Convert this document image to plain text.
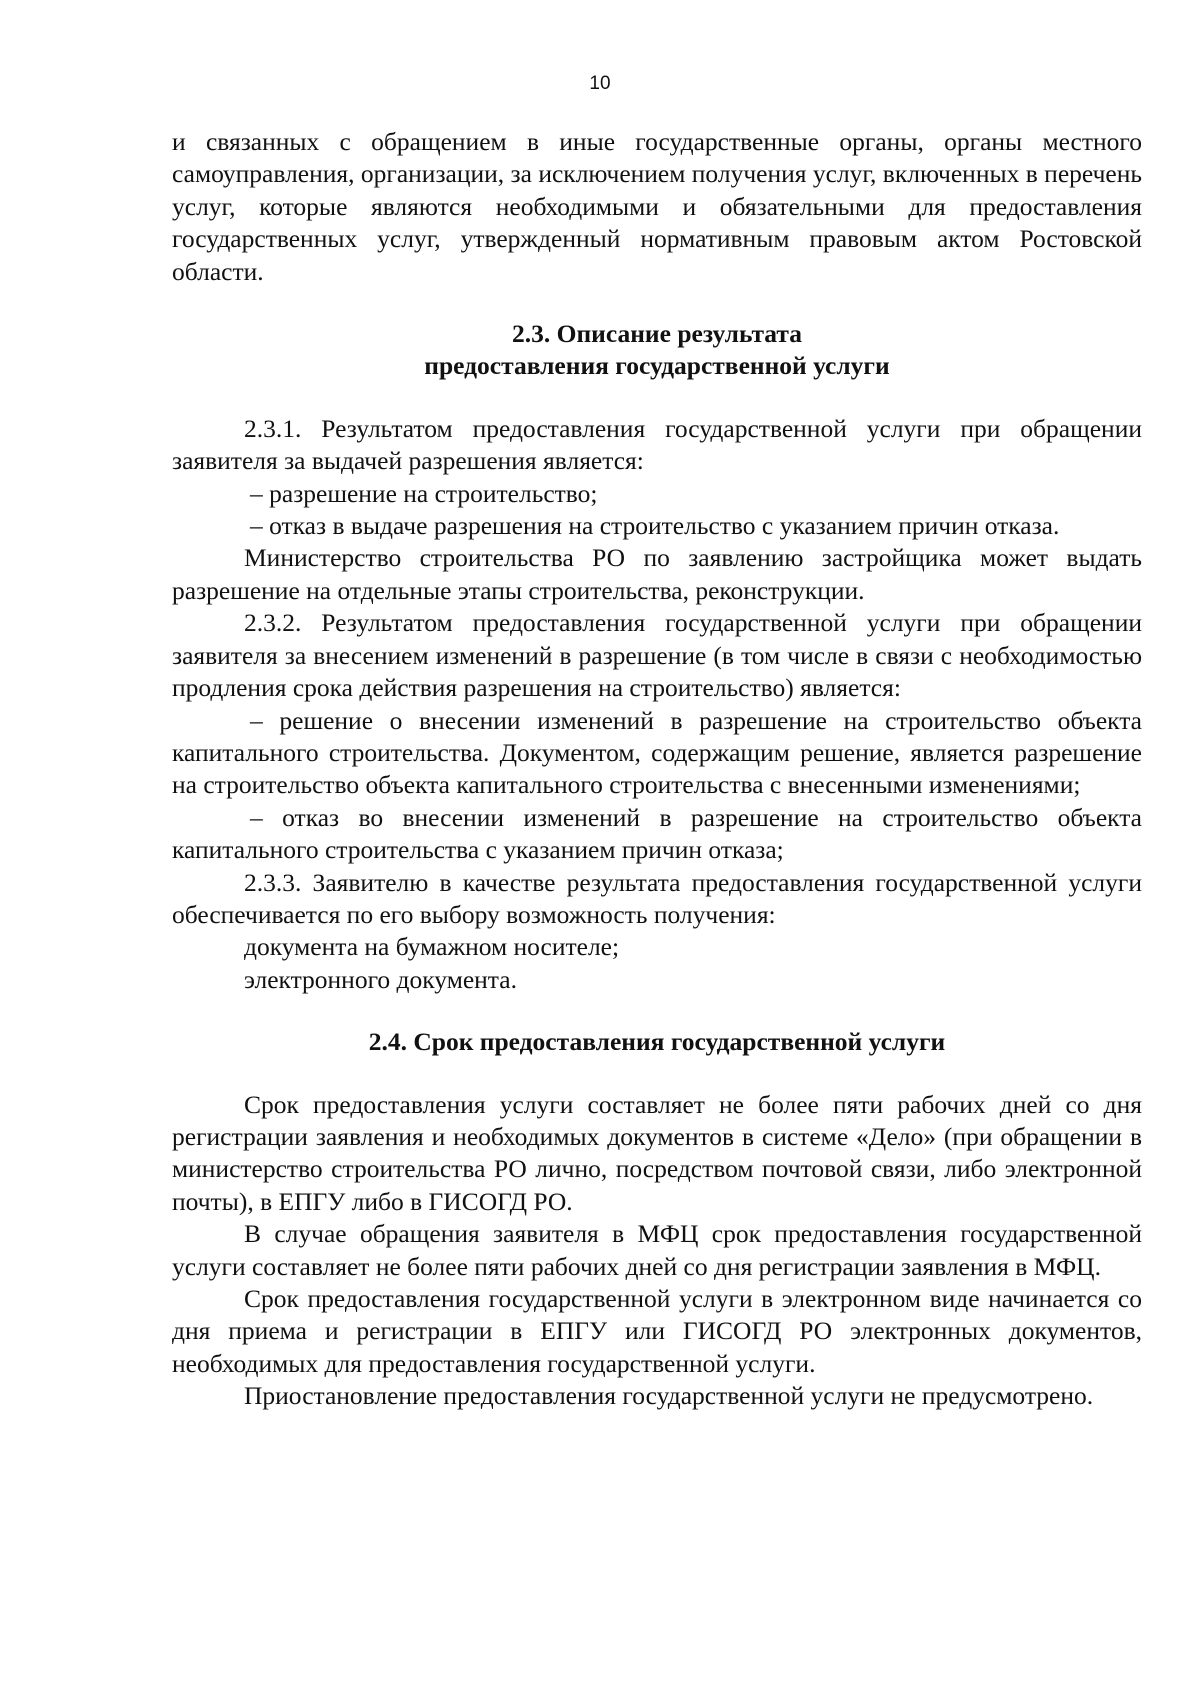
10

и связанных с обращением в иные государственные органы, органы местного самоуправления, организации, за исключением получения услуг, включенных в перечень услуг, которые являются необходимыми и обязательными для предоставления государственных услуг, утвержденный нормативным правовым актом Ростовской области.

2.3. Описание результата
предоставления государственной услуги

2.3.1. Результатом предоставления государственной услуги при обращении заявителя за выдачей разрешения является:

– разрешение на строительство;

– отказ в выдаче разрешения на строительство с указанием причин отказа.

Министерство строительства РО по заявлению застройщика может выдать разрешение на отдельные этапы строительства, реконструкции.

2.3.2. Результатом предоставления государственной услуги при обращении заявителя за внесением изменений в разрешение (в том числе в связи с необходимостью продления срока действия разрешения на строительство) является:

– решение о внесении изменений в разрешение на строительство объекта капитального строительства. Документом, содержащим решение, является разрешение на строительство объекта капитального строительства с внесенными изменениями;

– отказ во внесении изменений в разрешение на строительство объекта капитального строительства с указанием причин отказа;

2.3.3. Заявителю в качестве результата предоставления государственной услуги обеспечивается по его выбору возможность получения:

документа на бумажном носителе;

электронного документа.

2.4. Срок предоставления государственной услуги

Срок предоставления услуги составляет не более пяти рабочих дней со дня регистрации заявления и необходимых документов в системе «Дело» (при обращении в министерство строительства РО лично, посредством почтовой связи, либо электронной почты), в ЕПГУ либо в ГИСОГД РО.

В случае обращения заявителя в МФЦ срок предоставления государственной услуги составляет не более пяти рабочих дней со дня регистрации заявления в МФЦ.

Срок предоставления государственной услуги в электронном виде начинается со дня приема и регистрации в ЕПГУ или ГИСОГД РО электронных документов, необходимых для предоставления государственной услуги.

Приостановление предоставления государственной услуги не предусмотрено.
